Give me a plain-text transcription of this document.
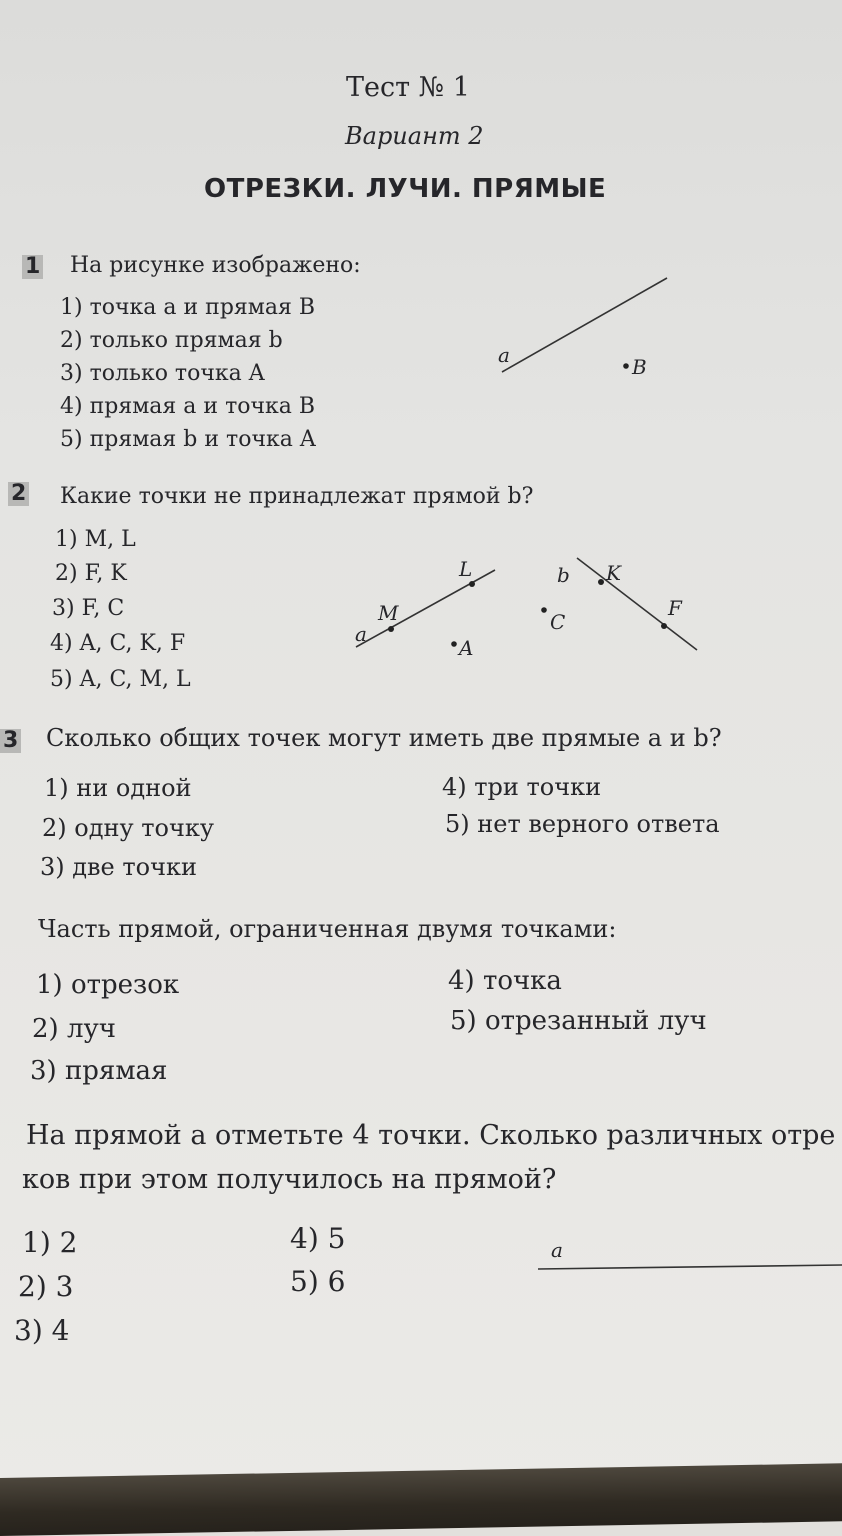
Тест № 1
Вариант 2
ОТРЕЗКИ. ЛУЧИ. ПРЯМЫЕ
1 На рисунке изображено:
1) точка a и прямая B
2) только прямая b
3) только точка A
4) прямая a и точка B
5) прямая b и точка A
2 Какие точки не принадлежат прямой b?
1) M, L
2) F, K
3) F, C
4) A, C, K, F
5) A, C, M, L
3 Сколько общих точек могут иметь две прямые a и b?
1) ни одной
2) одну точку
3) две точки
4) три точки
5) нет верного ответа
Часть прямой, ограниченная двумя точками:
1) отрезок
2) луч
3) прямая
4) точка
5) отрезанный луч
На прямой a отметьте 4 точки. Сколько различных отре
ков при этом получилось на прямой?
1) 2
2) 3
3) 4
4) 5
5) 6
a	B
a
M
L
A
b K
C
F
a
